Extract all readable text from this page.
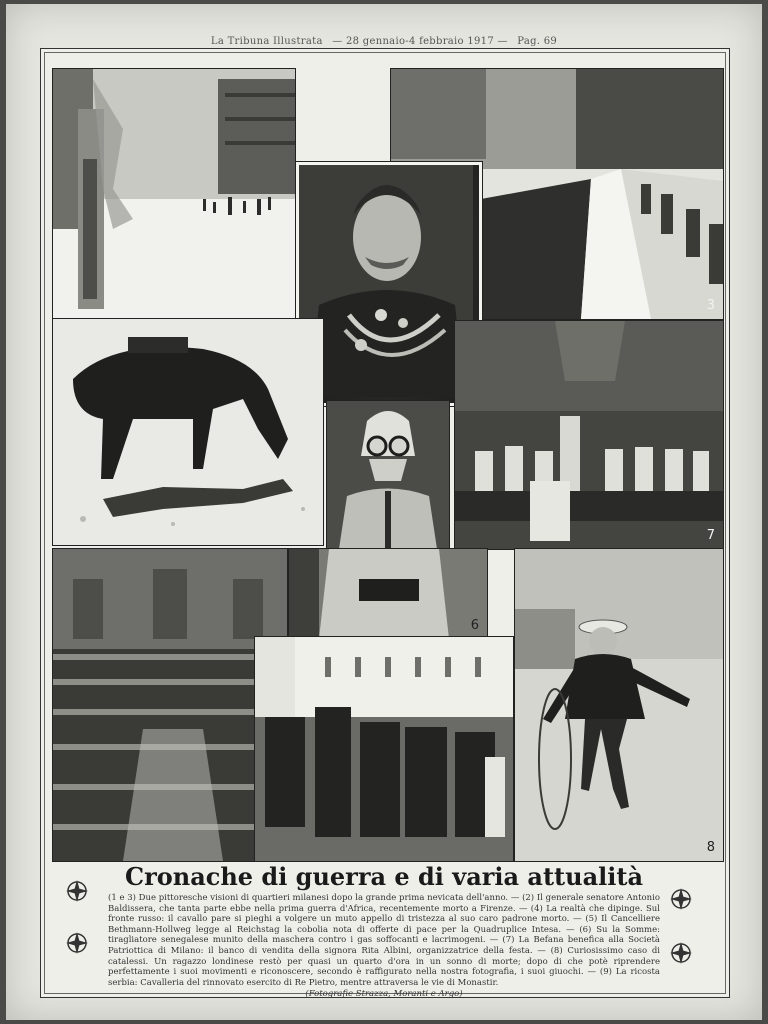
La Tribuna Illustrata — 28 gennaio-4 febbraio 1917 — Pag. 69
3
7
6
8
Cronache di guerra e di varia attualità
(1 e 3) Due pittoresche visioni di quartieri milanesi dopo la grande prima nevicata dell'anno. — (2) Il generale senatore Antonio Baldissera, che tanta parte ebbe nella prima guerra d'Africa, recentemente morto a Firenze. — (4) La realtà che dipinge. Sul fronte russo: il cavallo pare si pieghi a volgere un muto appello di tristezza al suo caro padrone morto. — (5) Il Cancelliere Bethmann-Hollweg legge al Reichstag la cobolia nota di offerte di pace per la Quadruplice Intesa. — (6) Su la Somme: tiragliatore senegalese munito della maschera contro i gas soffocanti e lacrimogeni. — (7) La Befana benefica alla Società Patriottica di Milano: il banco di vendita della signora Rita Albini, organizzatrice della festa. — (8) Curiosissimo caso di catalessi. Un ragazzo londinese restò per quasi un quarto d'ora in un sonno di morte; dopo di che potè riprendere perfettamente i suoi movimenti e riconoscere, secondo è raffigurato nella nostra fotografia, i suoi giuochi. — (9) La ricosta serbia: Cavalleria del rinnovato esercito di Re Pietro, mentre attraversa le vie di Monastir.
(Fotografie Strazza, Moranti e Argo)
